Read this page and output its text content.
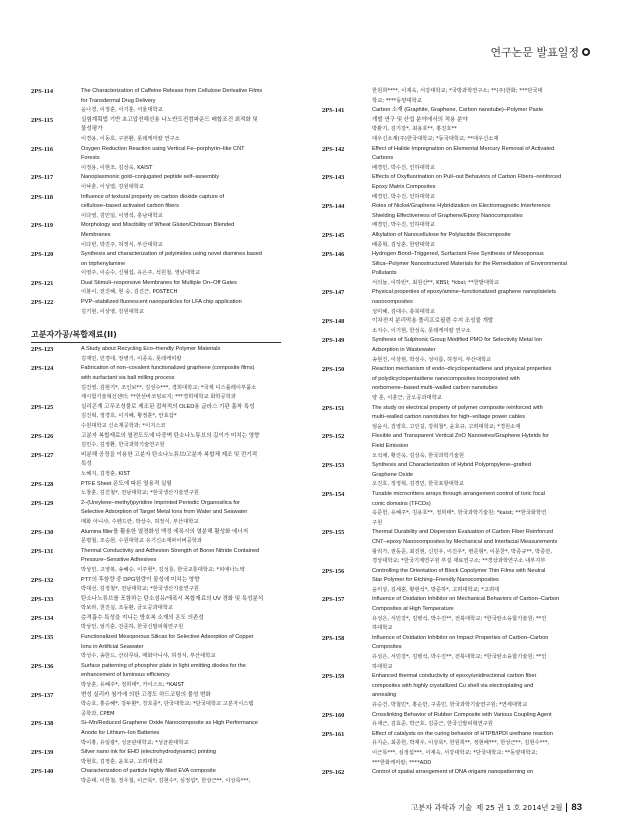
연구논문 발표일정
2PS-114	The Characterization of Caffeine Release from Cellulose Derivative Films
for Transdermal Drug Delivery
윤나경, 이정훈, 이기훈, 서울대학교
2PS-115	실험계획법 기반 초고압전해선용 나노반도전컴파운드 배합조건 최적화 및
물성평가
이경용, 이동호, 구본환, 롯데케미칼 연구소
2PS-116	Oxygen Reduction Reaction using Vertical Fe–porphyrin–like CNT
Forests
이정용, 이현조, 김상욱, KAIST
2PS-117	Nanoplasmonic gold–conjugated peptide self–assembly
이낙훈, 이성열, 강원대학교
2PS-118	Influence of textural property on carbon dioxide capture of
cellulose–based activated carbon fibers
이다영, 김민일, 이영석, 충남대학교
2PS-119	Morphology and Miscibility of Wheat Gluten/Chitosan Blended
Membranes
이다빈, 박진주, 허정식, 부산대학교
2PS-120	Synthesis and characterization of polyimides using novel diamines based
on triphenylamine
이영주, 이승수, 신형섭, 유은주, 석원철, 영남대학교
2PS-121	Dual Stimuli–responsive Membranes for Multiple On–Off Gates
이봉이, 전진혜, 현 숭, 김진근, POSTECH
2PS-122	PVP–stabilized fluorescent nanoparticles for LFA chip application
김기현, 이상영, 강원대학교
고분자가공/복합재료(II)
2PS-123	A Study about Recycling Eco–friendly Polymer Materials
김재민, 민경대, 장병기, 이종욱, 롯데케미칼
2PS-124	Fabrication of non–covalent functionalized graphene (composite films)
with surfactant via ball milling process
김진영, 김현기*, 조인보**, 김성수***, 경희대학교; *국제 디스플레이부품소
재시험기술혁신센터; **한선바코팅로지; ***경희대학교 화학공학과
2PS-125	실리콘계 고무조성물로 제조된 접착적의 OLED용 글라스 기판 흡착 특성
김진혁, 정경호, 이지혜, 황정훈*, 안효갑*
수원대학교 신소재공학과; *이지스코
2PS-126	고분자 복합재료의 열전도도에 다중벽 탄소나노튜브의 길이가 미치는 영향
김민수, 김정환, 한국과학기술연구원
2PS-127	비분해 공정을 이용한 고분자 탄소나노튜브/고분자 복합체 제조 및 전기적
특성
노혜지, 김정훈, KIST
2PS-128	PTFE Sheet 온도에 따른 열용적 실험
노창훈, 김진철*, 전남대학교; *한국생산기술연구원
2PS-129	2–(Ureylene–methyl)pyridine Imprinted Periodic Organosilica for
Selective Adsorption of Target Metal Ions from Water and Seawater
매화 아니샤, 수렌드란, 박상수, 허정식, 부산대학교
2PS-130	Alumina filler를 활용한 열경화성 액정 에폭시의 열분해 활성화 에너지
문평철, 조승현, 수원대학교 유기신소재파이버공학과
2PS-131	Thermal Conductivity and Adhesion Strength of Boron Nitride Contained
Pressure–Sensitive Adhesives
박상민, 고영복, 송혜승, 이주현*, 김성룡, 한국교통대학교; *피애나노텍
2PS-132	PTT의 후함량 중 DPG함량이 물성에 미치는 영향
박대선, 김정철*, 전남대학교; *한국생산기술연구원
2PS-133	탄소나노튜브를 포함하는 탄소섬유/에폭시 복합재료의 UV 경화 및 특성분석
박보라, 천진실, 조동환, 금오공과대학교
2PS-134	층격흡수 특성을 지니는 방호복 소재의 온도 의존성
박상민, 엄기훈, 진준하, 한국신발피혁연구원
2PS-135	Functionalized Mesoporous Silicas for Selective Adsorption of Copper
Ions in Artificial Seawater
박성수, 송한드, 산타무티, 매화아니샤, 허정식, 부산대학교
2PS-136	Surface patterning of phosphor plate in light emitting diodes for the
enhancement of luminous efficiency
박상훈, 유혜주*, 정희태*, 카이스트; *KAIST
2PS-137	변성 실리카 첨가에 의한 고경도 하드코팅의 물성 변화
박승호, 홍승혜*, 강두환*, 강호종*, 단국대학교; *단국대학교 고분자시스템
공학과, CPEM
2PS-138	Si–Mn/Reduced Graphene Oxide Nanocomposite as High Performance
Anode for Lithium–Ion Batteries
박이홍, 유일광*, 성균관대학교; *성균관대학교
2PS-139	Silver nano ink for EHD (electrohydrodynamic) printing
박현호, 김정훈, 윤호규, 고려대학교
2PS-140	Characterization of particle highly filled EVA composite
박준태, 이한철, 정우철, 이근목*, 김현수*, 심정섭*, 한상근**, 이상목***,
한원희****, 이재욱, 서강대학교; *국방과학연구소; **(주)한화; ***단국대
학교; ****동양대학교
2PS-141	Carbon 소재 (Graphite, Graphene, Carbon nanotube)–Polymer Paste
개발 연구 및 산업 분야에서의 적용 분야
박환기, 김기강*, 최용호**, 홍진호**
대우신소재(주)한국대학교; *동국대학교; **대우신소재
2PS-142	Effect of Halide Impregnation on Elemental Mercury Removal of Activated
Carbons
배경민, 박수진, 인하대학교
2PS-143	Effects of Oxyfluorination on Pull–out Behaviors of Carbon Fibers–reinforced
Epoxy Matrix Composites
배경민, 박수진, 인하대학교
2PS-144	Roles of Nickel/Graphene Hybridization on Electromagnetic Interference
Shielding Effectiveness of Graphene/Epoxy Nanocomposites
배경민, 박수진, 인하대학교
2PS-145	Alkylation of Nanocellulose for Polylactide Biocomposite
배종혁, 김성훈, 한양대학교
2PS-146	Hydrogen Bond–Triggered, Surfactant Free Synthesis of Mesoporous
Silica–Polymer Nanostructured Materials for the Remediation of Environmental
Pollutants
서의늘, 이하빈*, 최원산**, KBSI; *kbsi; **한밭대학교
2PS-147	Physical properties of epoxy/amine–functionalized graphene nanoplatelets
nanocomposites
성미혜, 김대수, 충북대학교
2PS-148	이차전지 분리막용 폴리프로필렌 수지 조성물 개발
소지수, 이기현, 한성욱, 롯데케미칼 연구소
2PS-149	Synthesis of Sulphonic Group Modified PMO for Selectivity Metal Ion
Adsorption in Wastewater
송현진, 이상현, 박성수, 성아름, 허정식, 부산대학교
2PS-150	Reaction mechanism of endo–dicyclopentadiene and physical properties
of polydicyclopentadiene nanocomposites incorporated with
norbornene–based multi–walled carbon nanotubes
양 훈, 이훈근, 금오공과대학교
2PS-151	The study on electrical property of polymer composite reinforced with
multi–walled carbon nanotubes for high–voltage power cables
엄윤식, 김영호, 고인길, 강희철*, 윤호규, 고려대학교; *경원소재
2PS-152	Flexible and Transparent Vertical ZnO Nanowires/Graphene Hybrids for
Field Emission
오석채, 황진욱, 김상욱, 한국과학기술원
2PS-153	Synthesis and Characterization of Hybrid Polypropylene–grafted
Graphene Oxide
오진호, 정정혁, 김경민, 한국포항대학교
2PS-154	Tunable microcritters arrays through arrangement control of toric focal
conic domains (TFCDs)
옥준헌, 유혜주*, 김용호**, 정희태*, 한국과학기술원; *kaist; **한국화학연
구원
2PS-155	Thermal Durability and Dispersion Evaluation of Carbon Fiber Reinforced
CNT–epoxy Nanocomposites by Mechanical and Interfacial Measurements
왕리가, 권동준, 최진현, 신민우, 이진우*, 변준형*, 이문찬*, 박종규**, 박종만,
경상대학교; *한국기계연구원 부설 재료연구소; **경상과학연구소 내부지부
2PS-156	Controlling the Orientation of Block Copolymer Thin Films with Neutral
Star Polymer for Etching–Friendly Nanocomposites
윤미상, 김세훈, 황현석*, 방준하*, 고려대학교; *고려대
2PS-157	Influence of Oxidation Inhibitor on Mechanical Behaviors of Carbon–Carbon
Composites at High Temperature
유성은, 서민강*, 김병석, 박수진**, 전북대학교; *한국탄소융합기술원; **인
하대학교
2PS-158	Influence of Oxidation Inhibitor on Impact Properties of Carbon–Carbon
Composites
유성은, 서민강*, 김병석, 박수진**, 전북대학교; *한국탄소융합기술원; **인
하대학교
2PS-159	Enhanced thermal conductivity of epoxy/unidirectional carbon fiber
composites with highly crystallized Cu shell via electroplating and
annealing
유승건, 박철민*, 홍순만, 구종민, 한국과학기술연구원; *연세대학교
2PS-160	Crosslinking Behavior of Rubber Composite with Various Coupling Agent
유재근, 김효준, 박근호, 김중근, 한국신발피혁연구원
2PS-161	Effect of catalysts on the curing behavior of HTPB/IPDI urethane reaction
유지순, 최종헌, 박재우, 이상목*, 한원희**, 정현배***, 한상근**, 김현수***,
이근목***, 심정섭***, 이재욱, 서강대학교; *단국대학교; **동양대학교;
***한화케미칼; ****ADD
2PS-162	Control of spatial arrangement of DNA origami nanopatterning on
고분자 과학과 기술 제 25 권 1 호 2014년 2월 83
